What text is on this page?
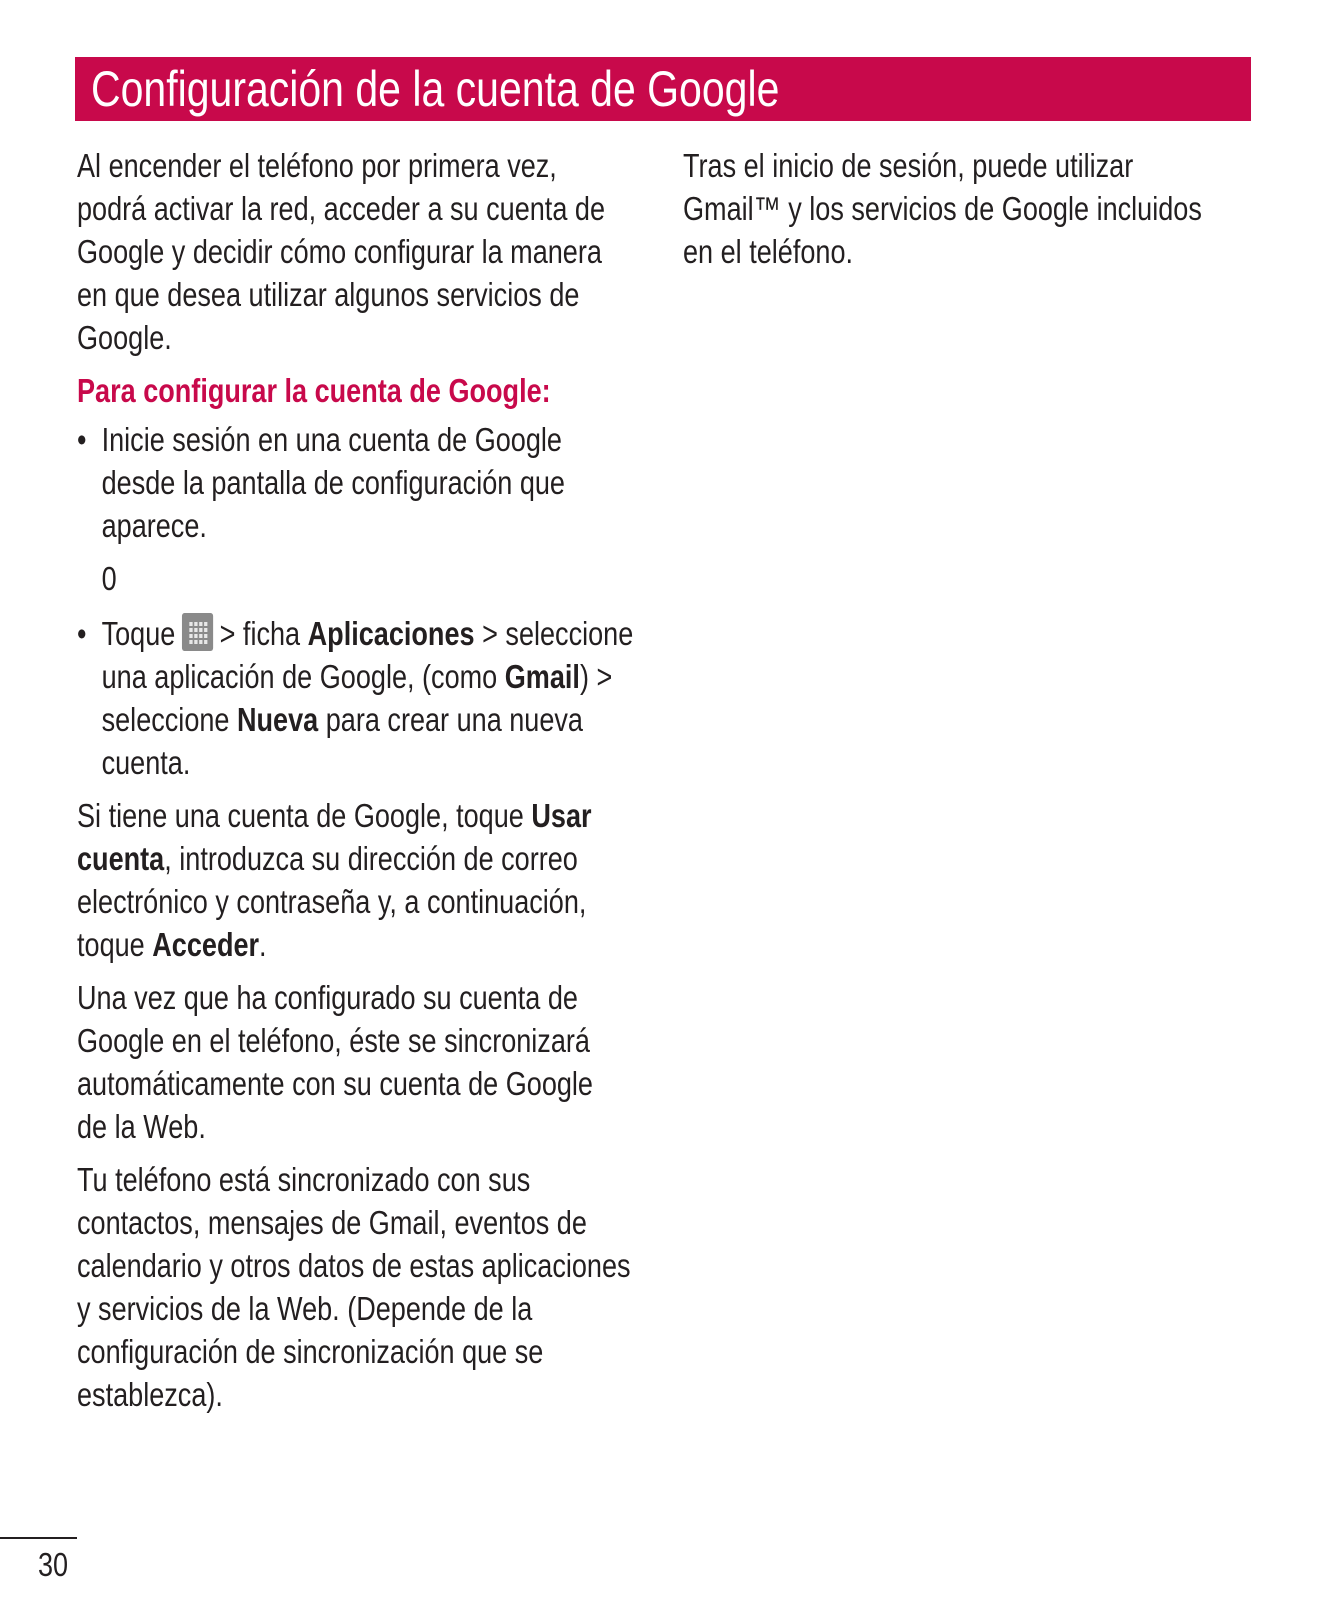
Configuración de la cuenta de Google

Al encender el teléfono por primera vez, podrá activar la red, acceder a su cuenta de Google y decidir cómo configurar la manera en que desea utilizar algunos servicios de Google.

Para configurar la cuenta de Google:

• Inicie sesión en una cuenta de Google desde la pantalla de configuración que aparece.
0
• Toque > ficha Aplicaciones > seleccione una aplicación de Google, (como Gmail) > seleccione Nueva para crear una nueva cuenta.

Si tiene una cuenta de Google, toque Usar cuenta, introduzca su dirección de correo electrónico y contraseña y, a continuación, toque Acceder.

Una vez que ha configurado su cuenta de Google en el teléfono, éste se sincronizará automáticamente con su cuenta de Google de la Web.

Tu teléfono está sincronizado con sus contactos, mensajes de Gmail, eventos de calendario y otros datos de estas aplicaciones y servicios de la Web. (Depende de la configuración de sincronización que se establezca).

Tras el inicio de sesión, puede utilizar Gmail™ y los servicios de Google incluidos en el teléfono.

30
